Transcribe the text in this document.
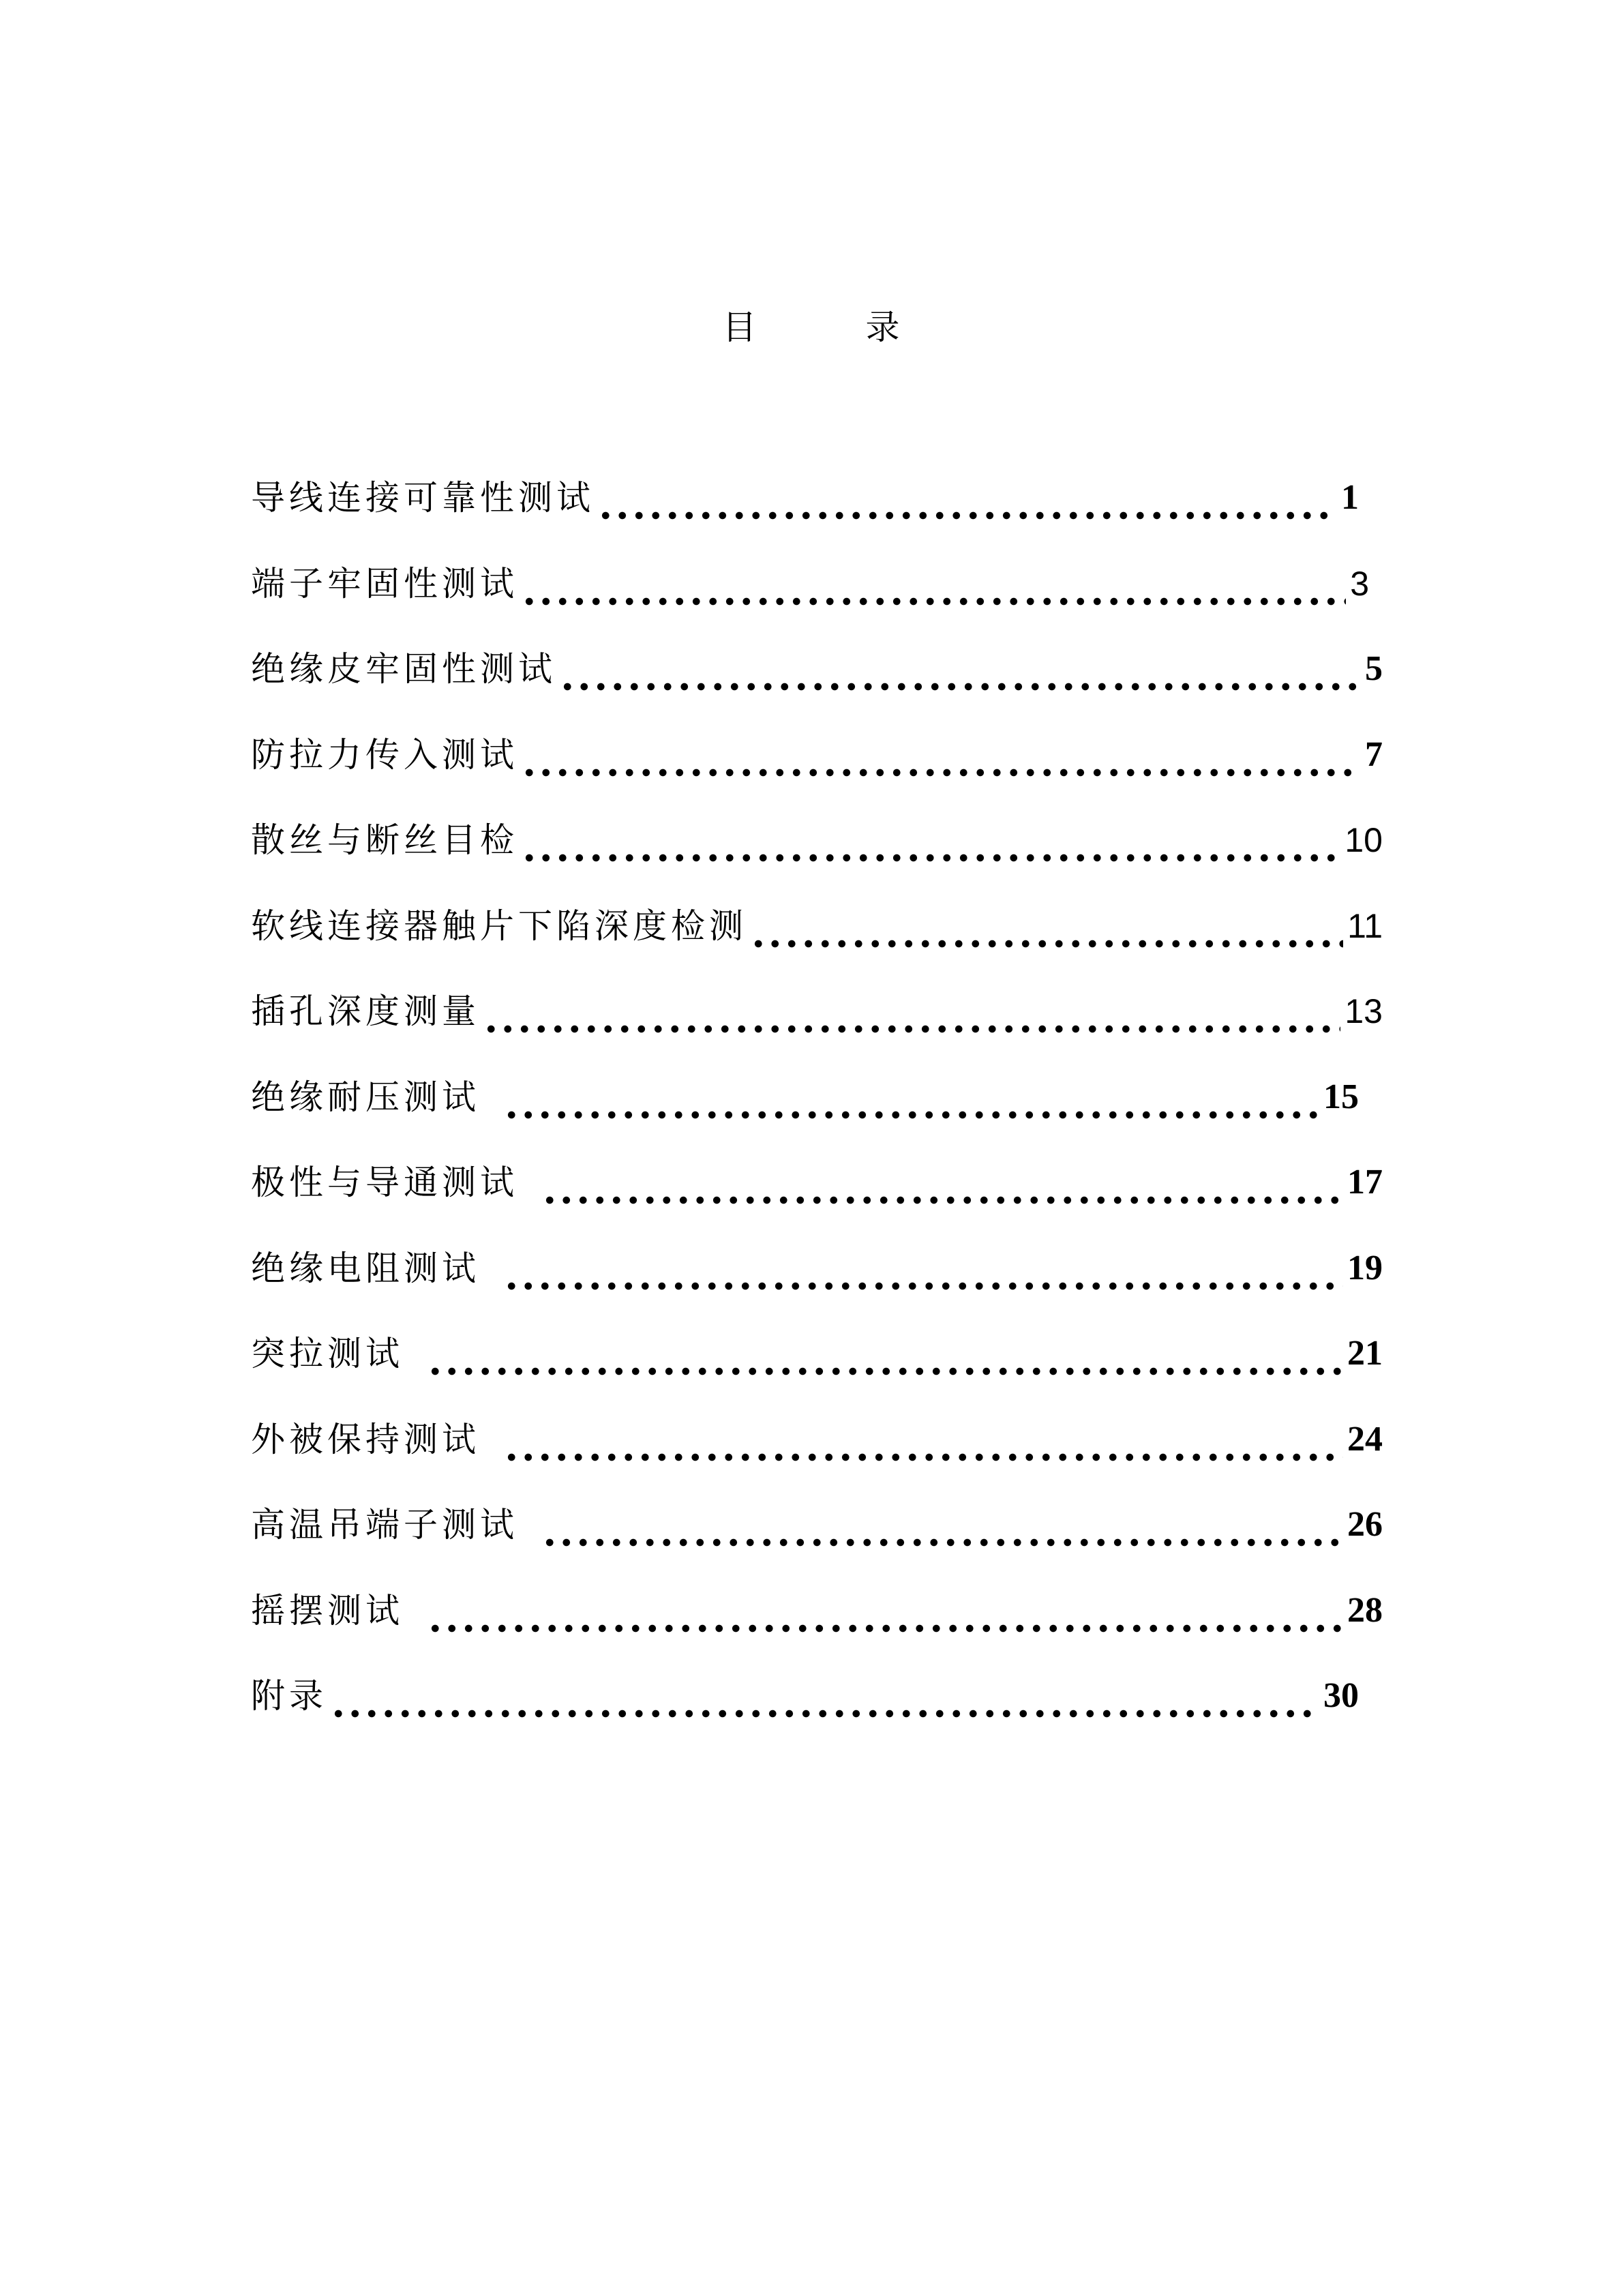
目	录
导线连接可靠性测试	1
端子牢固性测试	3
绝缘皮牢固性测试	5
防拉力传入测试	7
散丝与断丝目检	10
软线连接器触片下陷深度检测	11
插孔深度测量	13
绝缘耐压测试	15
极性与导通测试	17
绝缘电阻测试	19
突拉测试	21
外被保持测试	24
高温吊端子测试	26
摇摆测试	28
附录	30
